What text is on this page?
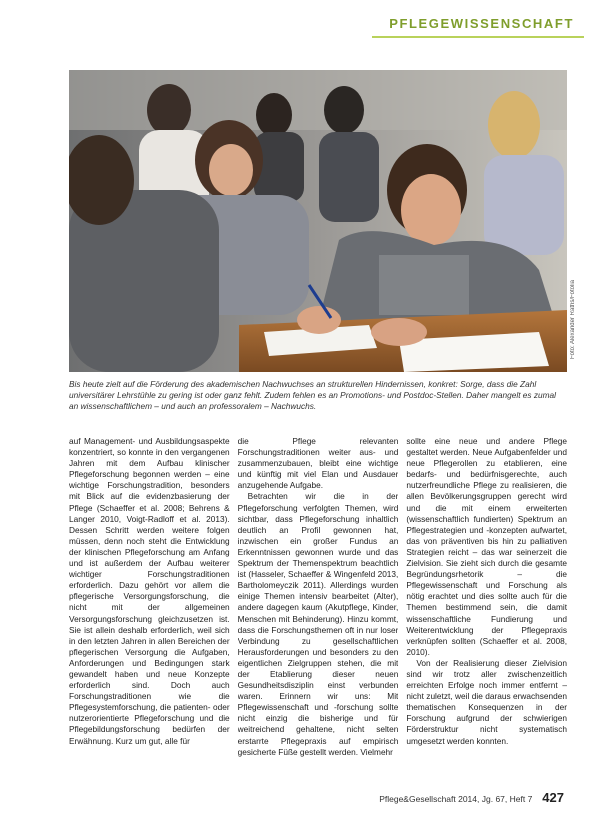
PFLEGEWISSENSCHAFT
Foto: Alexander Raths/Fotolia
Bis heute zielt auf die Förderung des akademischen Nachwuchses an strukturellen Hindernissen, konkret: Sorge, dass die Zahl universitärer Lehrstühle zu gering ist oder ganz fehlt. Zudem fehlen es an Promotions- und Postdoc-Stellen. Daher mangelt es zumal an wissenschaftlichem – und auch an professoralem – Nachwuchs.

auf Management- und Ausbildungsaspekte konzentriert, so konnte in den vergangenen Jahren mit dem Aufbau klinischer Pflegeforschung begonnen werden – eine wichtige Forschungstradition, besonders mit Blick auf die evidenzbasierung der Pflege (Schaeffer et al. 2008; Behrens & Langer 2010, Voigt-Radloff et al. 2013). Dessen Schritt werden weitere folgen müssen, denn noch steht die Entwicklung der klinischen Pflegeforschung am Anfang und ist außerdem der Aufbau weiterer wichtiger Forschungstraditionen erforderlich. Dazu gehört vor allem die pflegerische Versorgungsforschung, die nicht mit der allgemeinen Versorgungsforschung gleichzusetzen ist. Sie ist allein deshalb erforderlich, weil sich in den letzten Jahren in allen Bereichen der pflegerischen Versorgung die Aufgaben, Anforderungen und Bedingungen stark gewandelt haben und neue Konzepte erforderlich sind. Doch auch Forschungstraditionen wie die Pflegesystemforschung, die patienten- oder nutzerorientierte Pflegeforschung und die Pflegebildungsforschung bedürfen der Erwähnung. Kurz um gut, alle für

die Pflege relevanten Forschungstraditionen weiter aus- und zusammenzubauen, bleibt eine wichtige und künftig mit viel Elan und Ausdauer anzugehende Aufgabe.

Betrachten wir die in der Pflegeforschung verfolgten Themen, wird sichtbar, dass Pflegeforschung inhaltlich deutlich an Profil gewonnen hat, inzwischen ein großer Fundus an Erkenntnissen gewonnen wurde und das Spektrum der Themenspektrum beachtlich ist (Hasseler, Schaeffer & Wingenfeld 2013, Bartholomeyczik 2011). Allerdings wurden einige Themen intensiv bearbeitet (Alter), andere dagegen kaum (Akutpflege, Kinder, Menschen mit Behinderung). Hinzu kommt, dass die Forschungsthemen oft in nur loser Verbindung zu gesellschaftlichen Herausforderungen und besonders zu den eigentlichen Zielgruppen stehen, die mit der Etablierung dieser neuen Gesundheitsdisziplin einst verbunden waren. Erinnern wir uns: Mit Pflegewissenschaft und -forschung sollte nicht einzig die bisherige und für weitreichend gehaltene, nicht selten erstarrte Pflegepraxis auf empirisch gesicherte Füße gestellt werden. Vielmehr

sollte eine neue und andere Pflege gestaltet werden. Neue Aufgabenfelder und neue Pflegerollen zu etablieren, eine bedarfs- und bedürfnisgerechte, auch nutzerfreundliche Pflege zu realisieren, die allen Bevölkerungsgruppen gerecht wird und die mit einem erweiterten (wissenschaftlich fundierten) Spektrum an Pflegestrategien und -konzepten aufwartet, das von präventiven bis hin zu palliativen Strategien reicht – das war seinerzeit die Zielvision. Sie zieht sich durch die gesamte Begründungsrhetorik – die Pflegewissenschaft und Forschung als nötig erachtet und dies sollte auch für die Themen bestimmend sein, die damit wissenschaftliche Fundierung und Weiterentwicklung der Pflegepraxis verknüpfen sollten (Schaeffer et al. 2008, 2010).

Von der Realisierung dieser Zielvision sind wir trotz aller zwischenzeitlich erreichten Erfolge noch immer entfernt – nicht zuletzt, weil die daraus erwachsenden thematischen Konsequenzen in der Forschung aufgrund der schwierigen Förderstruktur nicht systematisch umgesetzt werden konnten.

Pflege&Gesellschaft 2014, Jg. 67, Heft 7 427
